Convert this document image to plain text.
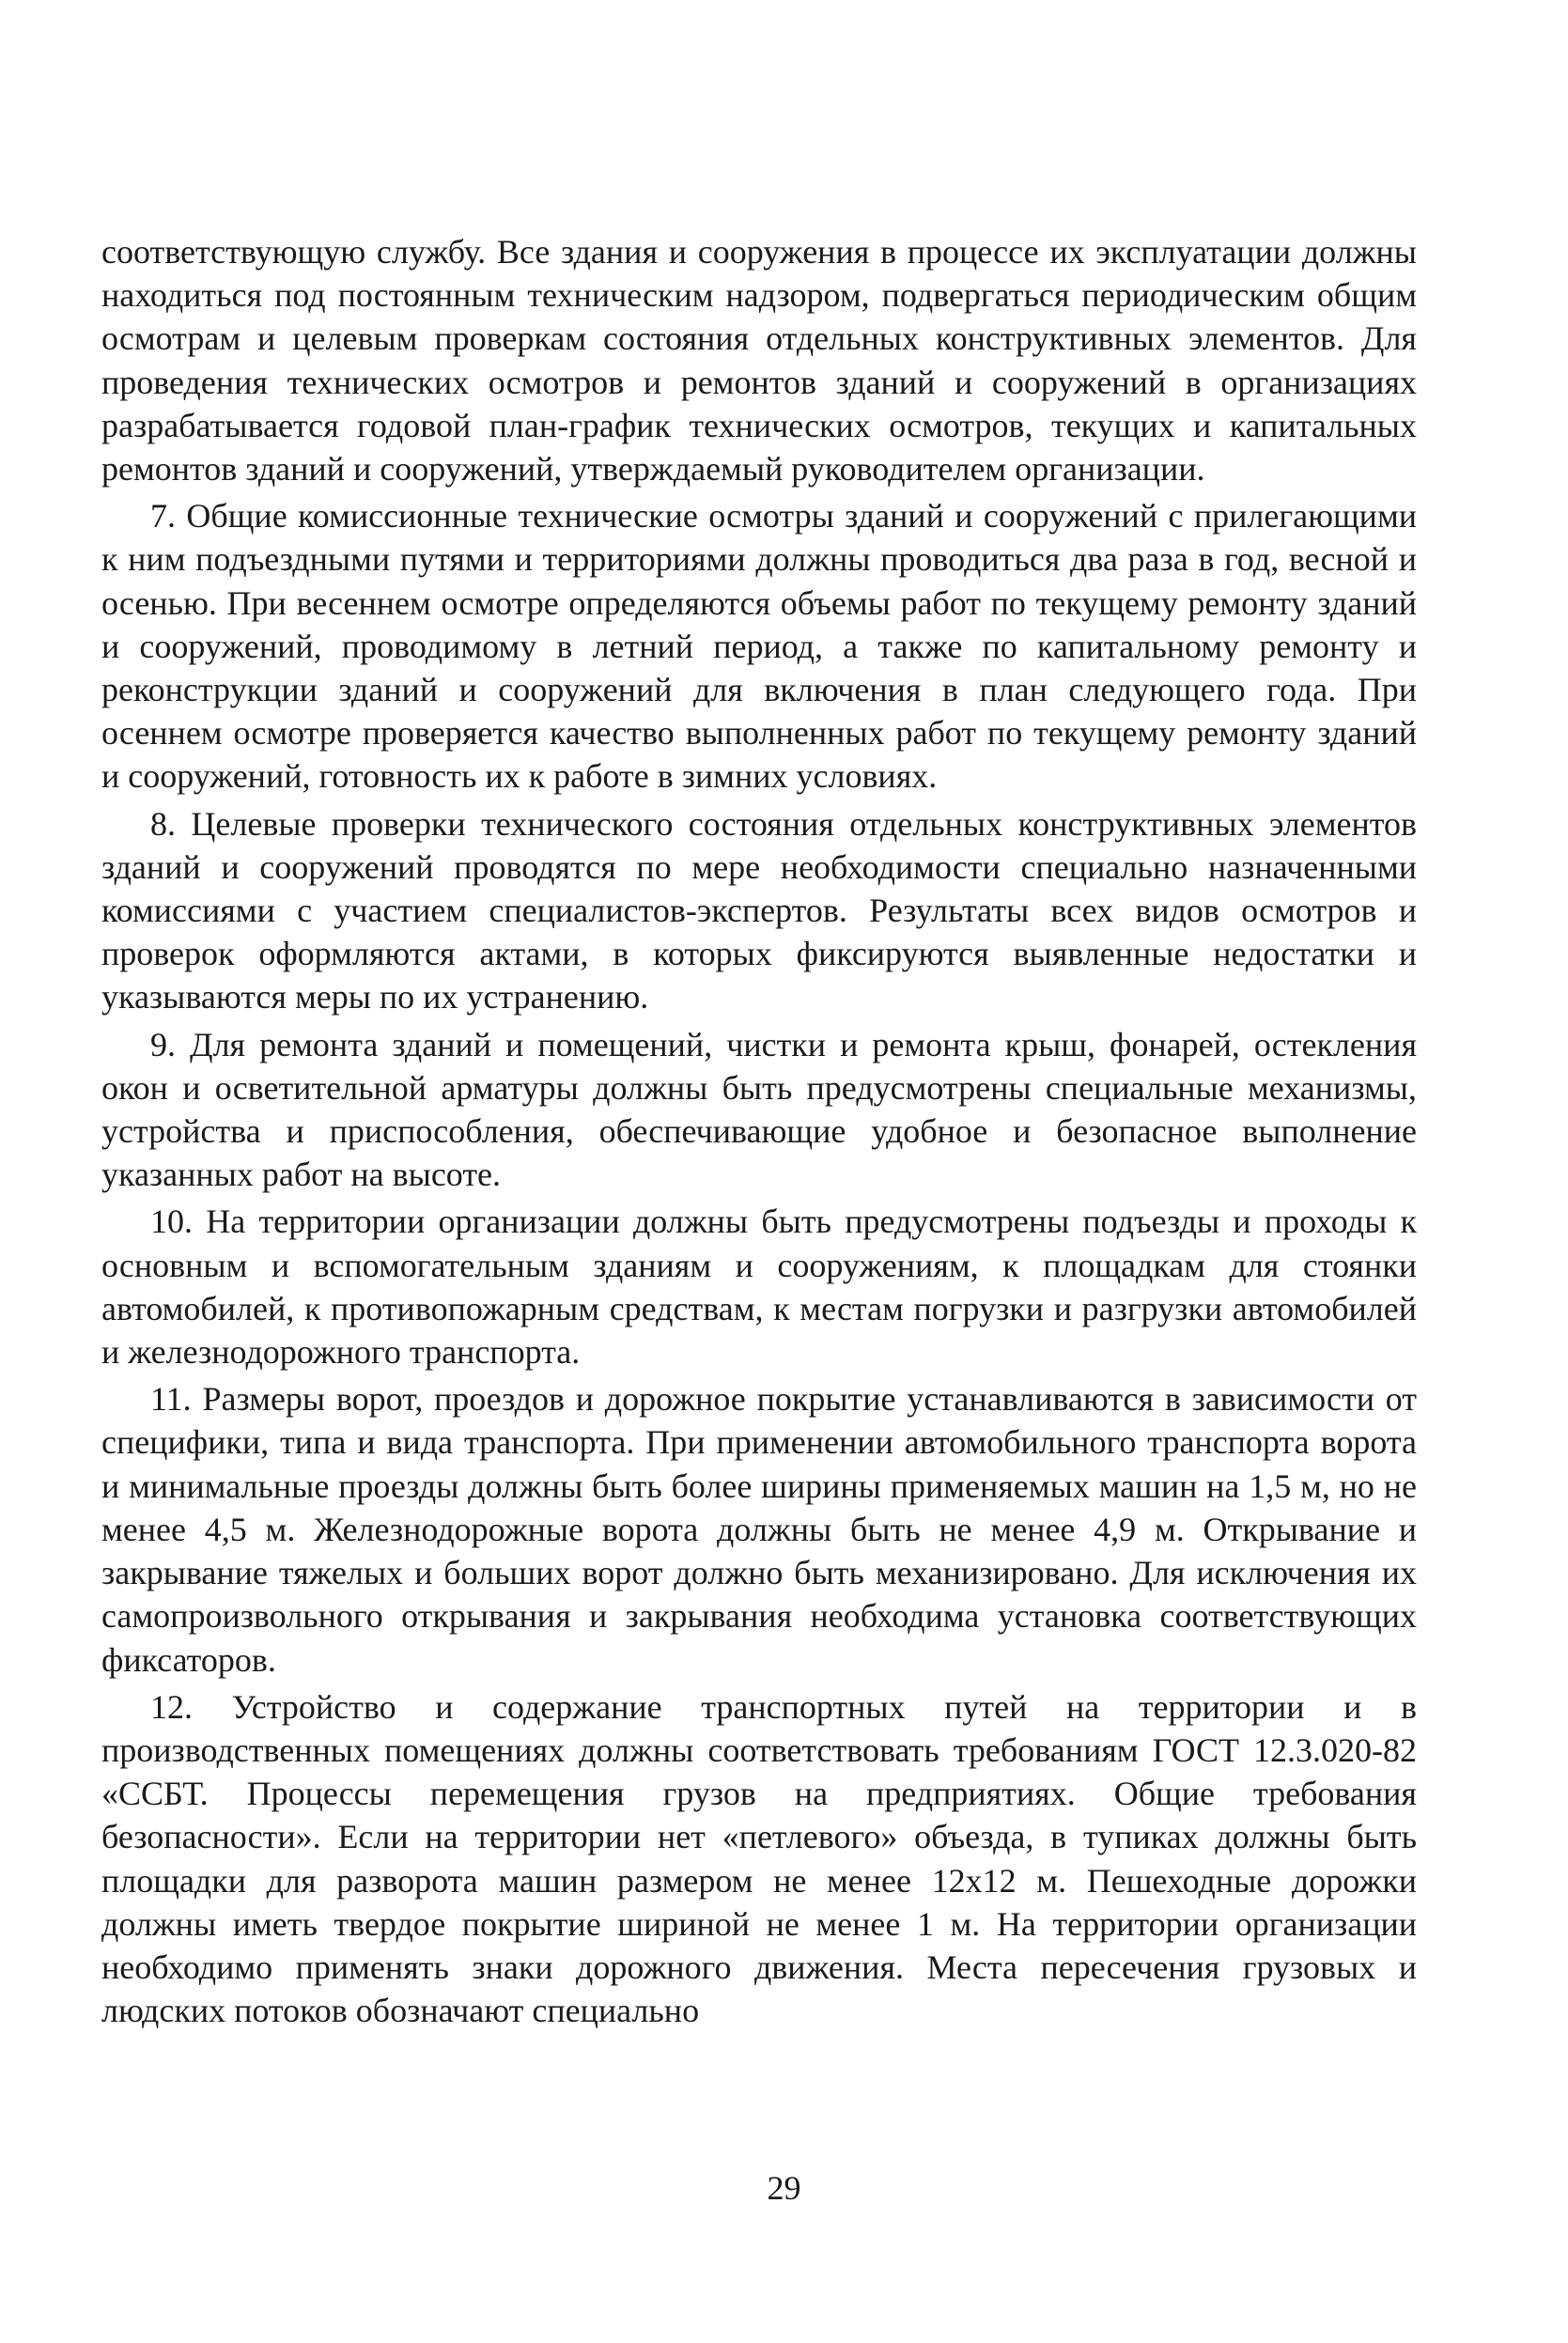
соответствующую службу. Все здания и сооружения в процессе их эксплуатации должны находиться под постоянным техническим надзором, подвергаться периодическим общим осмотрам и целевым проверкам состояния отдельных конструктивных элементов. Для проведения технических осмотров и ремонтов зданий и сооружений в организациях разрабатывается годовой план-график технических осмотров, текущих и капитальных ремонтов зданий и сооружений, утверждаемый руководителем организации.

7. Общие комиссионные технические осмотры зданий и сооружений с прилегающими к ним подъездными путями и территориями должны проводиться два раза в год, весной и осенью. При весеннем осмотре определяются объемы работ по текущему ремонту зданий и сооружений, проводимому в летний период, а также по капитальному ремонту и реконструкции зданий и сооружений для включения в план следующего года. При осеннем осмотре проверяется качество выполненных работ по текущему ремонту зданий и сооружений, готовность их к работе в зимних условиях.

8. Целевые проверки технического состояния отдельных конструктивных элементов зданий и сооружений проводятся по мере необходимости специально назначенными комиссиями с участием специалистов-экспертов. Результаты всех видов осмотров и проверок оформляются актами, в которых фиксируются выявленные недостатки и указываются меры по их устранению.

9. Для ремонта зданий и помещений, чистки и ремонта крыш, фонарей, остекления окон и осветительной арматуры должны быть предусмотрены специальные механизмы, устройства и приспособления, обеспечивающие удобное и безопасное выполнение указанных работ на высоте.

10. На территории организации должны быть предусмотрены подъезды и проходы к основным и вспомогательным зданиям и сооружениям, к площадкам для стоянки автомобилей, к противопожарным средствам, к местам погрузки и разгрузки автомобилей и железнодорожного транспорта.

11. Размеры ворот, проездов и дорожное покрытие устанавливаются в зависимости от специфики, типа и вида транспорта. При применении автомобильного транспорта ворота и минимальные проезды должны быть более ширины применяемых машин на 1,5 м, но не менее 4,5 м. Железнодорожные ворота должны быть не менее 4,9 м. Открывание и закрывание тяжелых и больших ворот должно быть механизировано. Для исключения их самопроизвольного открывания и закрывания необходима установка соответствующих фиксаторов.

12. Устройство и содержание транспортных путей на территории и в производственных помещениях должны соответствовать требованиям ГОСТ 12.3.020-82 «ССБТ. Процессы перемещения грузов на предприятиях. Общие требования безопасности». Если на территории нет «петлевого» объезда, в тупиках должны быть площадки для разворота машин размером не менее 12x12 м. Пешеходные дорожки должны иметь твердое покрытие шириной не менее 1 м. На территории организации необходимо применять знаки дорожного движения. Места пересечения грузовых и людских потоков обозначают специально

29
